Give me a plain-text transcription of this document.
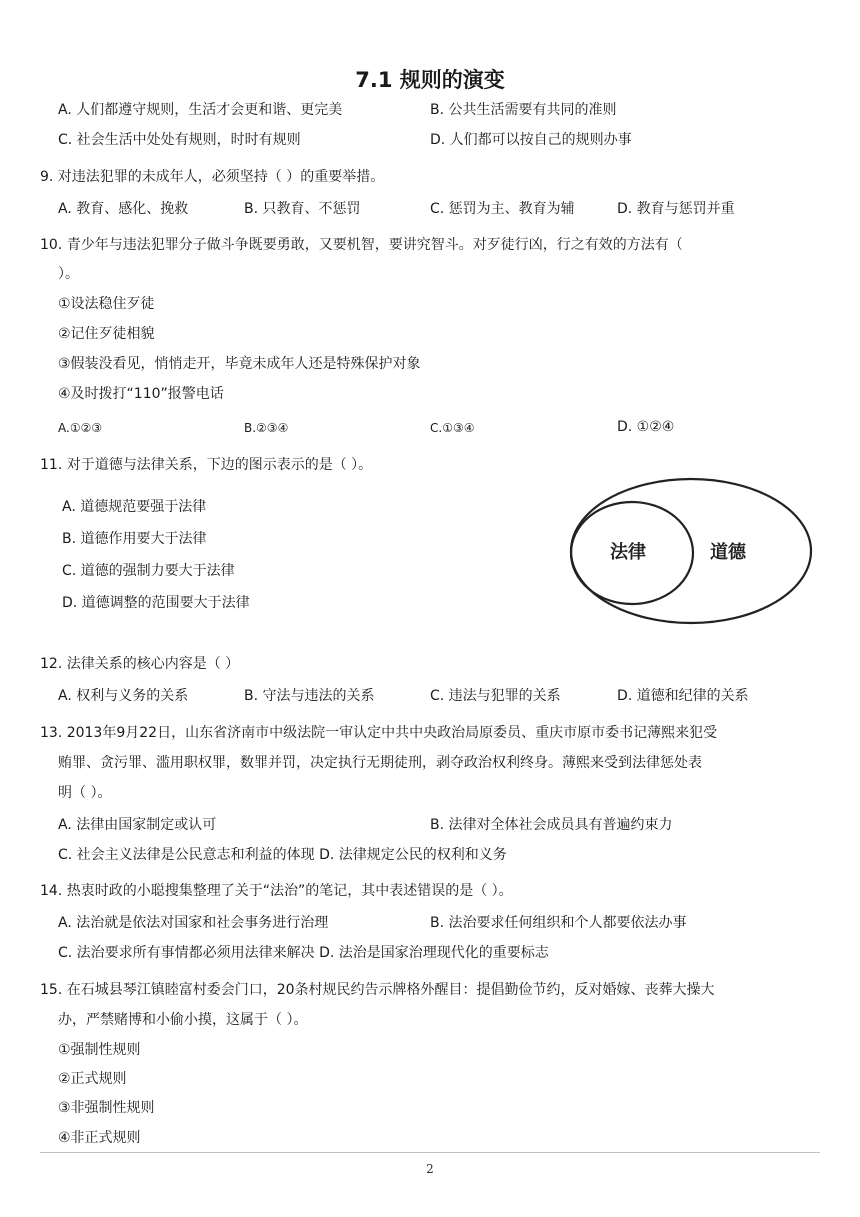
7.1 规则的演变
A. 人们都遵守规则，生活才会更和谐、更完美	B. 公共生活需要有共同的准则
C. 社会生活中处处有规则，时时有规则	D. 人们都可以按自己的规则办事
9. 对违法犯罪的未成年人，必须坚持（ ）的重要举措。
A. 教育、感化、挽救	B. 只教育、不惩罚	C. 惩罚为主、教育为辅	D. 教育与惩罚并重
10. 青少年与违法犯罪分子做斗争既要勇敢，又要机智，要讲究智斗。对歹徒行凶，行之有效的方法有（
）。
①设法稳住歹徒
②记住歹徒相貌
③假装没看见，悄悄走开，毕竟未成年人还是特殊保护对象
④及时拨打“110”报警电话
A.①②③	B.②③④	C.①③④	D. ①②④
11. 对于道德与法律关系，下边的图示表示的是（ ）。
A. 道德规范要强于法律
B. 道德作用要大于法律
C. 道德的强制力要大于法律
D. 道德调整的范围要大于法律
法律	道德
12. 法律关系的核心内容是（ ）
A. 权利与义务的关系	B. 守法与违法的关系	C. 违法与犯罪的关系	D. 道德和纪律的关系
13. 2013年9月22日，山东省济南市中级法院一审认定中共中央政治局原委员、重庆市原市委书记薄熙来犯受
贿罪、贪污罪、滥用职权罪，数罪并罚，决定执行无期徒刑，剥夺政治权利终身。薄熙来受到法律惩处表
明（ ）。
A. 法律由国家制定或认可	B. 法律对全体社会成员具有普遍约束力
C. 社会主义法律是公民意志和利益的体现 D. 法律规定公民的权利和义务
14. 热衷时政的小聪搜集整理了关于“法治”的笔记，其中表述错误的是（ ）。
A. 法治就是依法对国家和社会事务进行治理	B. 法治要求任何组织和个人都要依法办事
C. 法治要求所有事情都必须用法律来解决 D. 法治是国家治理现代化的重要标志
15. 在石城县琴江镇睦富村委会门口，20条村规民约告示牌格外醒目：提倡勤俭节约，反对婚嫁、丧葬大操大
办，严禁赌博和小偷小摸，这属于（ ）。
①强制性规则
②正式规则
③非强制性规则
④非正式规则
2
